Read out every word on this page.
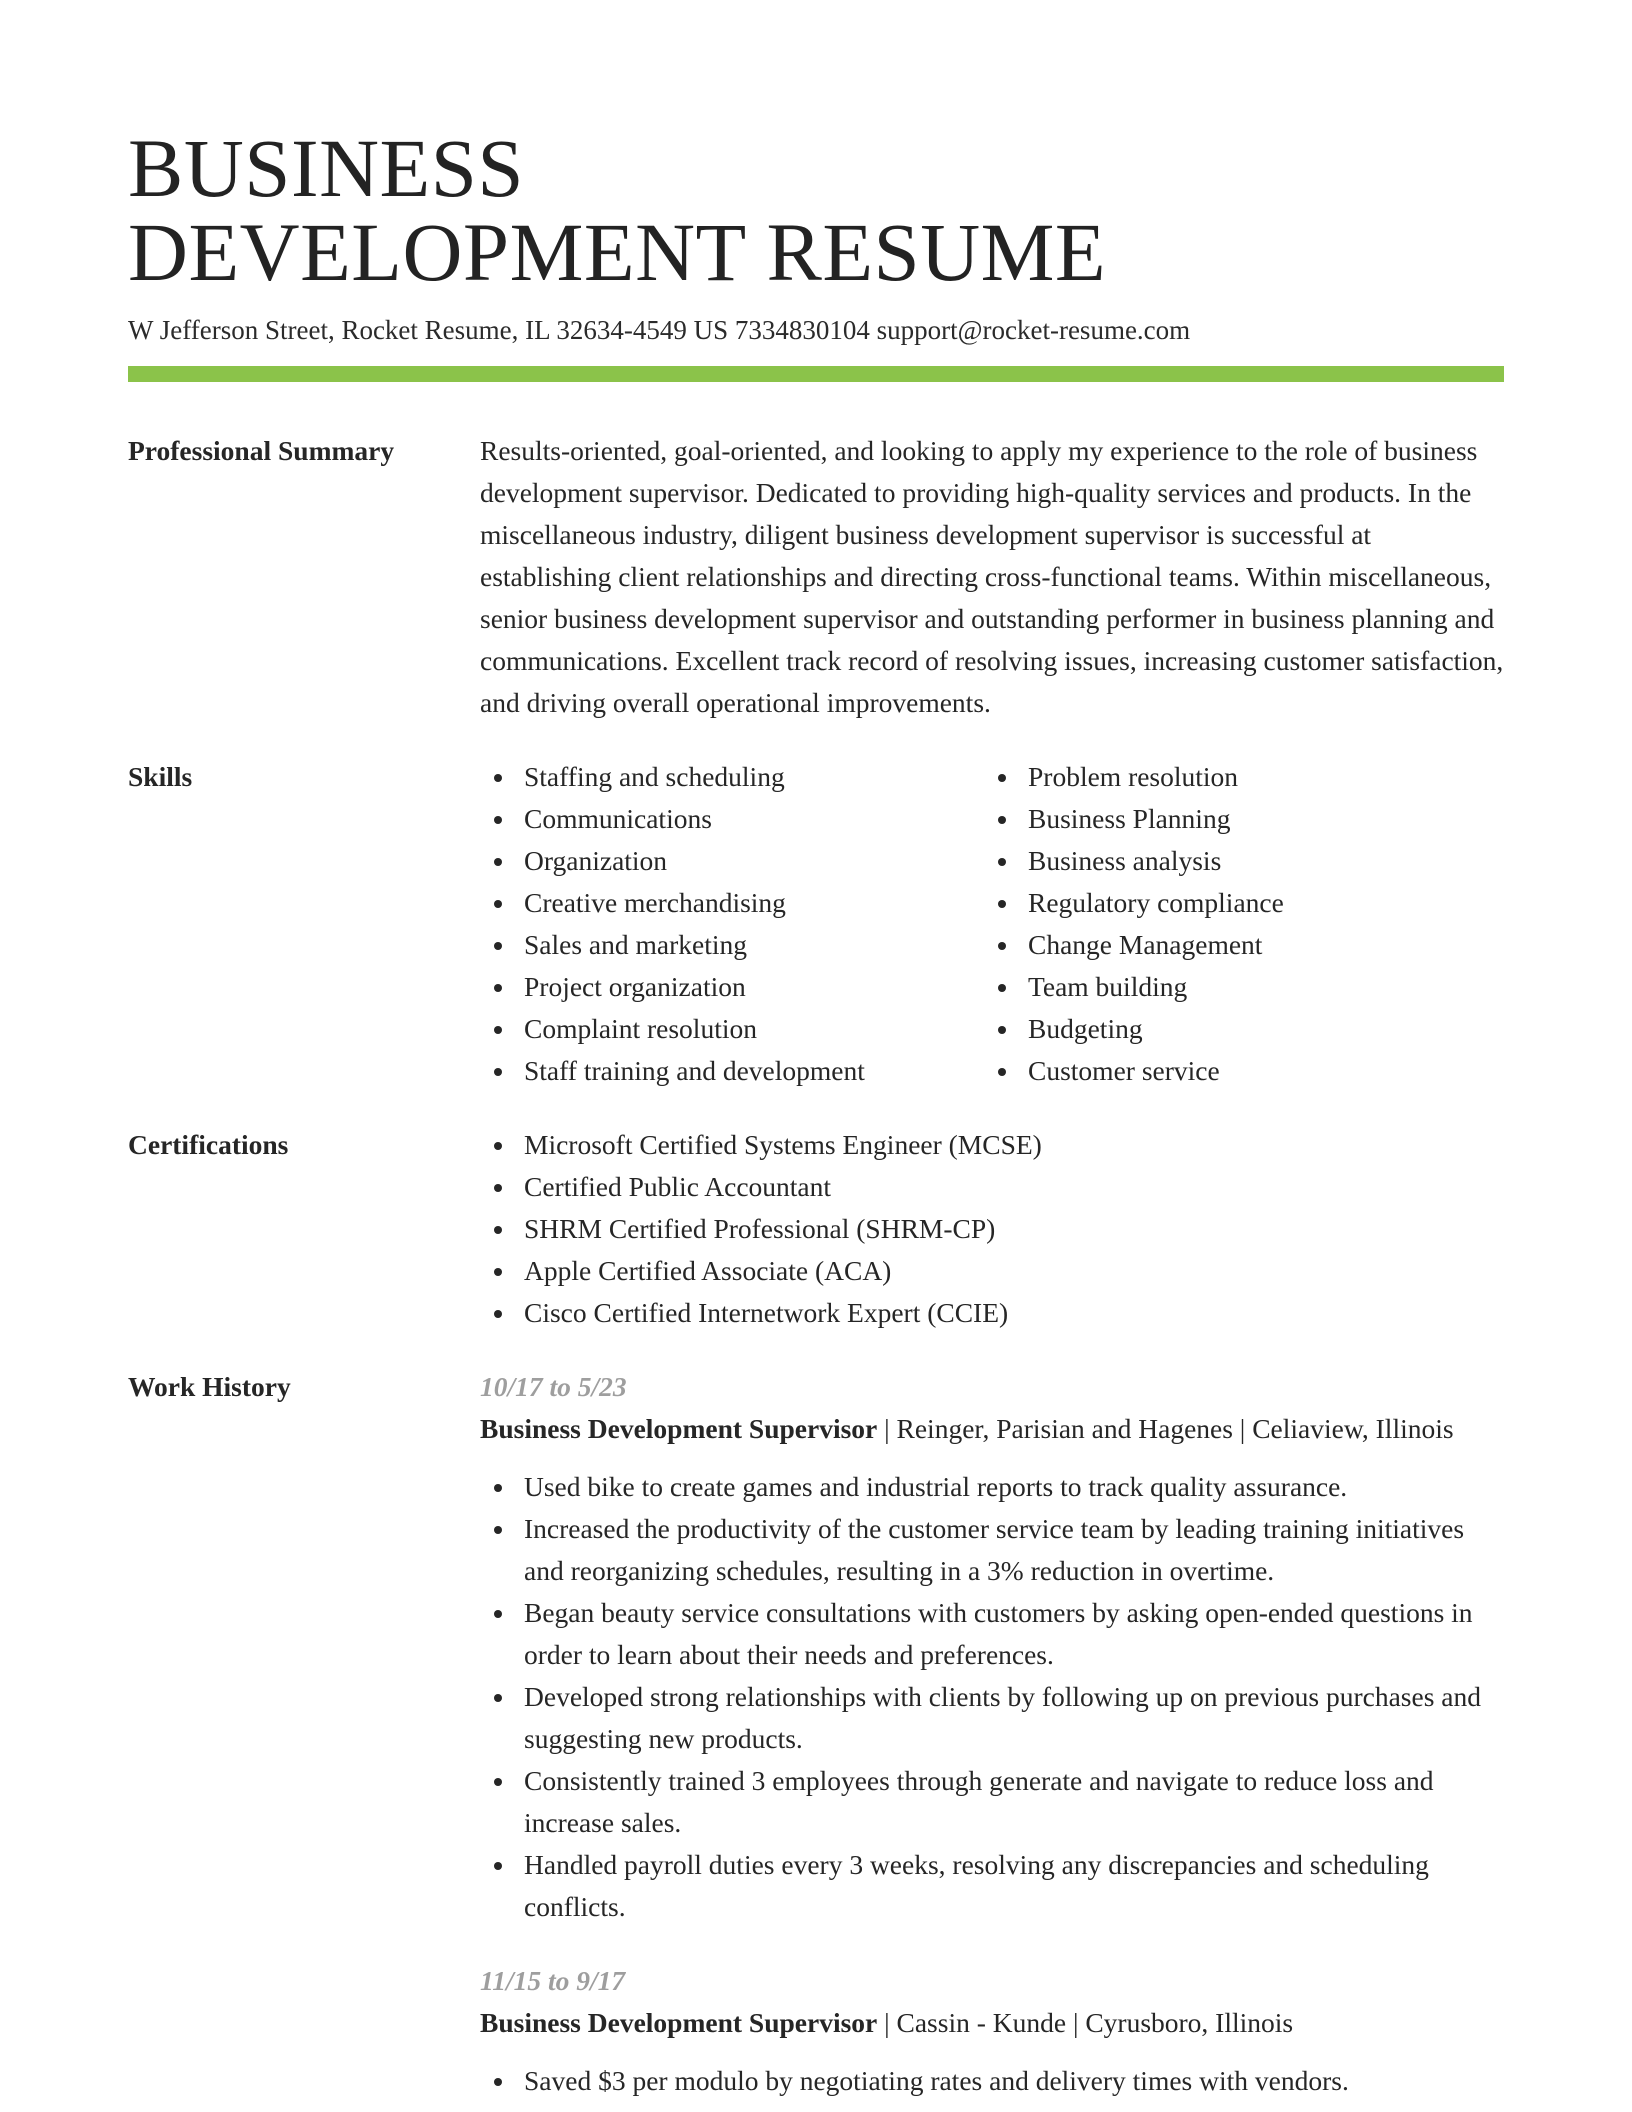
BUSINESS
DEVELOPMENT RESUME
W Jefferson Street, Rocket Resume, IL 32634-4549 US 7334830104 support@rocket-resume.com
Professional Summary	Results-oriented, goal-oriented, and looking to apply my experience to the role of business development supervisor. Dedicated to providing high-quality services and products. In the miscellaneous industry, diligent business development supervisor is successful at establishing client relationships and directing cross-functional teams. Within miscellaneous, senior business development supervisor and outstanding performer in business planning and communications. Excellent track record of resolving issues, increasing customer satisfaction, and driving overall operational improvements.
Skills	Staffing and scheduling
Communications
Organization
Creative merchandising
Sales and marketing
Project organization
Complaint resolution
Staff training and development
Problem resolution
Business Planning
Business analysis
Regulatory compliance
Change Management
Team building
Budgeting
Customer service
Certifications	Microsoft Certified Systems Engineer (MCSE)
Certified Public Accountant
SHRM Certified Professional (SHRM-CP)
Apple Certified Associate (ACA)
Cisco Certified Internetwork Expert (CCIE)
Work History	10/17 to 5/23
Business Development Supervisor | Reinger, Parisian and Hagenes | Celiaview, Illinois
Used bike to create games and industrial reports to track quality assurance.
Increased the productivity of the customer service team by leading training initiatives and reorganizing schedules, resulting in a 3% reduction in overtime.
Began beauty service consultations with customers by asking open-ended questions in order to learn about their needs and preferences.
Developed strong relationships with clients by following up on previous purchases and suggesting new products.
Consistently trained 3 employees through generate and navigate to reduce loss and increase sales.
Handled payroll duties every 3 weeks, resolving any discrepancies and scheduling conflicts.
11/15 to 9/17
Business Development Supervisor | Cassin - Kunde | Cyrusboro, Illinois
Saved $3 per modulo by negotiating rates and delivery times with vendors.
